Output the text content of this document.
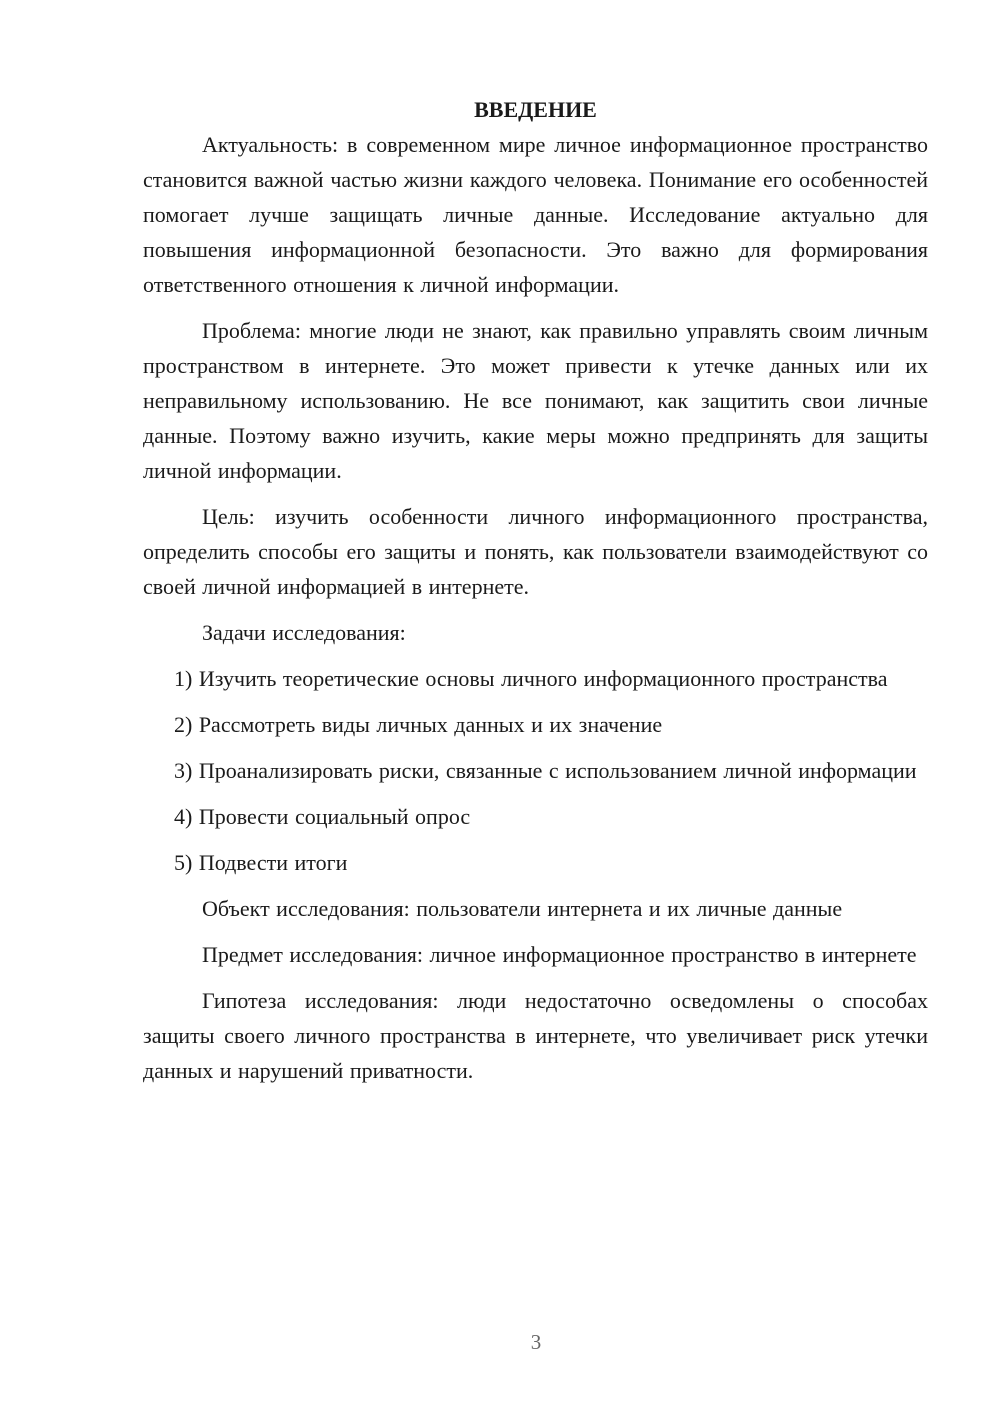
ВВЕДЕНИЕ

Актуальность: в современном мире личное информационное пространство становится важной частью жизни каждого человека. Понимание его особенностей помогает лучше защищать личные данные. Исследование актуально для повышения информационной безопасности. Это важно для формирования ответственного отношения к личной информации.

Проблема: многие люди не знают, как правильно управлять своим личным пространством в интернете. Это может привести к утечке данных или их неправильному использованию. Не все понимают, как защитить свои личные данные. Поэтому важно изучить, какие меры можно предпринять для защиты личной информации.

Цель: изучить особенности личного информационного пространства, определить способы его защиты и понять, как пользователи взаимодействуют со своей личной информацией в интернете.

Задачи исследования:

1) Изучить теоретические основы личного информационного пространства

2) Рассмотреть виды личных данных и их значение

3) Проанализировать риски, связанные с использованием личной информации

4) Провести социальный опрос

5) Подвести итоги

Объект исследования: пользователи интернета и их личные данные

Предмет исследования: личное информационное пространство в интернете

Гипотеза исследования: люди недостаточно осведомлены о способах защиты своего личного пространства в интернете, что увеличивает риск утечки данных и нарушений приватности.

3
